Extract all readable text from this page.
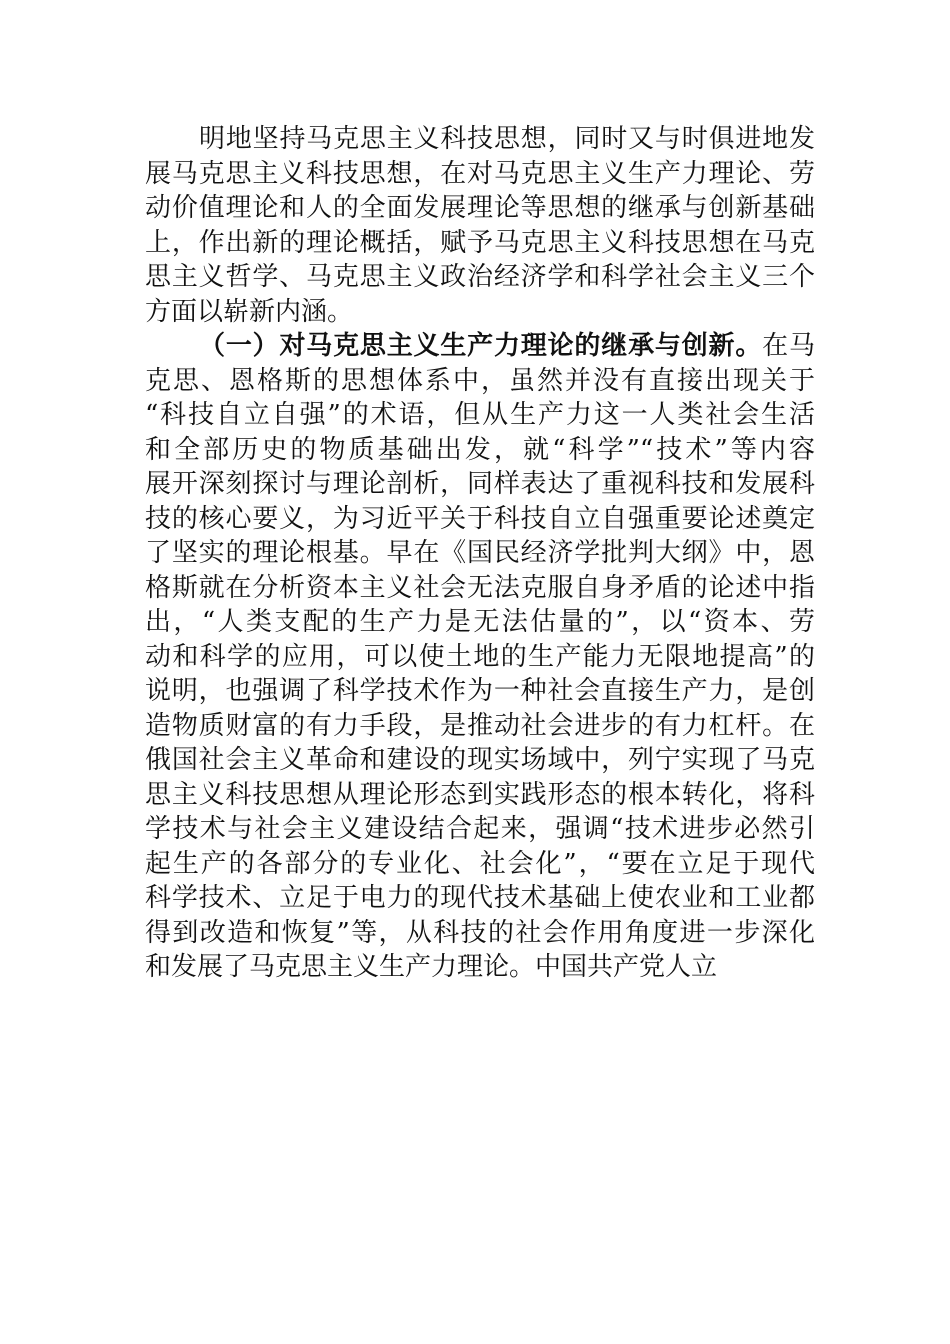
明地坚持马克思主义科技思想，同时又与时俱进地发
展马克思主义科技思想，在对马克思主义生产力理论、劳
动价值理论和人的全面发展理论等思想的继承与创新基础
上，作出新的理论概括，赋予马克思主义科技思想在马克
思主义哲学、马克思主义政治经济学和科学社会主义三个
方面以崭新内涵。
（一）对马克思主义生产力理论的继承与创新。在马
克思、恩格斯的思想体系中，虽然并没有直接出现关于
“科技自立自强”的术语，但从生产力这一人类社会生活
和全部历史的物质基础出发，就“科学”“技术”等内容
展开深刻探讨与理论剖析，同样表达了重视科技和发展科
技的核心要义，为习近平关于科技自立自强重要论述奠定
了坚实的理论根基。早在《国民经济学批判大纲》中，恩
格斯就在分析资本主义社会无法克服自身矛盾的论述中指
出，“人类支配的生产力是无法估量的”，以“资本、劳
动和科学的应用，可以使土地的生产能力无限地提高”的
说明，也强调了科学技术作为一种社会直接生产力，是创
造物质财富的有力手段，是推动社会进步的有力杠杆。在
俄国社会主义革命和建设的现实场域中，列宁实现了马克
思主义科技思想从理论形态到实践形态的根本转化，将科
学技术与社会主义建设结合起来，强调“技术进步必然引
起生产的各部分的专业化、社会化”，“要在立足于现代
科学技术、立足于电力的现代技术基础上使农业和工业都
得到改造和恢复”等，从科技的社会作用角度进一步深化
和发展了马克思主义生产力理论。中国共产党人立
